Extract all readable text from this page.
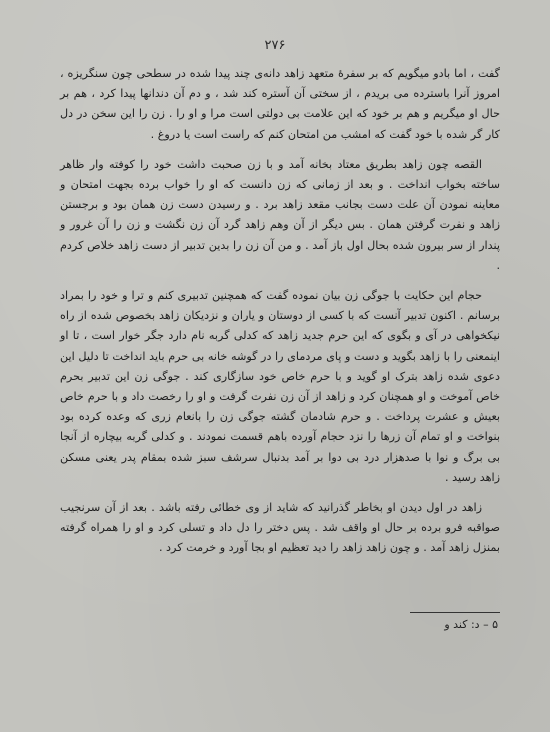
۲۷۶

گفت ، اما بادو میگویم که بر سفرهٔ متعهد زاهد دانه‌ی چند پیدا شده در سطحی چون سنگریزه ، امروز آنرا باسترده می بریدم ، از سختی آن آستره کند شد ، و دم آن دندانها پیدا کرد ، هم بر حال او میگریم و هم بر خود که این علامت بی دولتی است مرا و او را . زن را این سخن در دل کار گر شده با خود گفت که امشب من امتحان کنم که راست است یا دروغ .

القصه چون زاهد بطریق معتاد بخانه آمد و با زن صحبت داشت خود را کوفته وار ظاهر ساخته بخواب انداخت . و بعد از زمانی که زن دانست که او را خواب برده بجهت امتحان و معاینه نمودن آن علت دست بجانب مقعد زاهد برد . و رسیدن دست زن همان بود و برجستن زاهد و نفرت گرفتن همان . بس دیگر از آن وهم زاهد گرد آن زن نگشت و زن را آن غرور و پندار از سر بیرون شده بحال اول باز آمد . و من آن زن را بدین تدبیر از دست زاهد خلاص کردم .

حجام این حکایت با جوگی زن بیان نموده گفت که همچنین تدبیری کنم و ترا و خود را بمراد برسانم . اکنون تدبیر آنست که با کسی از دوستان و یاران و نزدیکان زاهد بخصوص شده از راه نیکخواهی در آی و بگوی که این حرم جدید زاهد که کدلی گربه نام دارد جگر خوار است ، تا او اینمعنی را با زاهد بگوید و دست و پای مردمای را در گوشه خانه بی حرم باید انداخت تا دلیل این دعوی شده زاهد بترک او گوید و با حرم خاص خود سازگاری کند . جوگی زن این تدبیر بحرم خاص آموخت و او همچنان کرد و زاهد از آن زن نفرت گرفت و او را رخصت داد و با حرم خاص بعیش و عشرت پرداخت . و حرم شادمان گشته جوگی زن را بانعام زری که وعده کرده بود بنواخت و او تمام آن زرها را نزد حجام آورده باهم قسمت نمودند . و کدلی گربه بیچاره از آنجا بی برگ و نوا با صدهزار درد بی دوا بر آمد بدنبال سرشف سبز شده بمقام پدر یعنی مسکن زاهد رسید .

زاهد در اول دیدن او بخاطر گذرانید که شاید از وی خطائی رفته باشد . بعد از آن سرنجیب صواقبه فرو برده بر حال او واقف شد . پس دختر را دل داد و تسلی کرد و او را همراه گرفته بمنزل زاهد آمد . و چون زاهد زاهد را دید تعظیم او بجا آورد و خرمت کرد .

۵ – د: کند و
